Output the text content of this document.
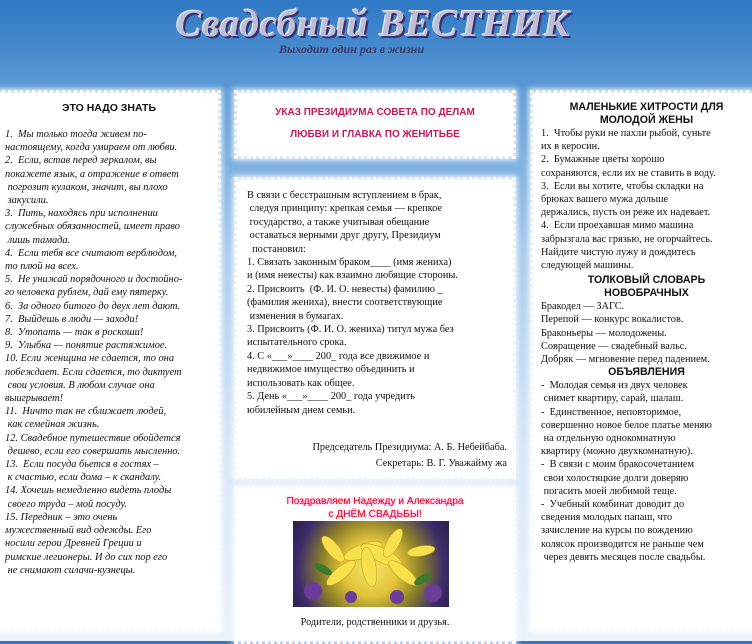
Свадсбный ВЕСТНИК
Выходит один раз в жизни
ЭТО НАДО ЗНАТЬ
1.  Мы только тогда живем по-
настоящему, когда умираем от любви.
2.  Если, встав перед зеркалом, вы
покажете язык, а отражение в ответ
погрозит кулаком, значит, вы плохо
закусили.
3.  Пить, находясь при исполнении
служебных обязанностей, имеет право
лишь тамада.
4.  Если тебя все считают верблюдом,
то плюй на всех.
5.  Не унижай порядочного и достойно-
го человека рублем, дай ему пятерку.
6.  За одного битого до двух лет дают.
7.  Выйдешь в люди — заходи!
8.  Утопать — так в роскоши!
9.  Улыбка — понятие растяжимое.
10. Если женщина не сдается, то она
побеждает. Если сдается, то диктует
свои условия. В любом случае она
выигрывает!
11.  Ничто так не сближает людей,
как семейная жизнь.
12. Свадебное путешествие обойдется
дешево, если его совершать мысленно.
13.  Если посуда бьется в гостях –
к счастью, если дома – к скандалу.
14. Хочешь немедленно видеть плоды
своего труда – мой посуду.
15. Передник – это очень
мужественный вид одежды. Его
носили герои Древней Греции и
римские легионеры. И до сих пор его
не снимают силачи-кузнецы.
УКАЗ ПРЕЗИДИУМА СОВЕТА ПО ДЕЛАМ
ЛЮБВИ И ГЛАВКА ПО ЖЕНИТЬБЕ

В связи с бесстрашным вступлением в брак,

следуя принципу: крепкая семья — крепкое

государство, а также учитывая обещание

оставаться верными друг другу, Президиум

постановил:

1. Связать законным браком____ (имя жениха)

и (имя невесты) как взаимно любящие стороны.

2. Присвоить  (Ф. И. О. невесты) фамилию _

(фамилия жениха), внести соответствующие

изменения в бумагах.

3. Присвоить (Ф. И. О. жениха) титул мужа без

испытательного срока.

4. С «___»____ 200_ года все движимое и

недвижимое имущество объединить и

использовать как общее.

5. День «___»____ 200_ года учредить

юбилейным днем семьи.

Председатель Президиума: А. Б. Небейбаба.
Секретарь: В. Г. Уважайму жа
Поздравляем Надежду и Александра
с ДНЁМ СВАДЬБЫ!
Родители, родственники и друзья.
МАЛЕНЬКИЕ ХИТРОСТИ ДЛЯ
МОЛОДОЙ ЖЕНЫ

1.  Чтобы руки не пахли рыбой, суньте

их в керосин.

2.  Бумажные цветы хорошо

сохраняются, если их не ставить в воду.

3.  Если вы хотите, чтобы складки на

брюках вашего мужа дольше

держались, пусть он реже их надевает.

4.  Если проехавшая мимо машина

забрызгала вас грязью, не огорчайтесь.

Найдите чистую лужу и дождитесь

следующей машины.

ТОЛКОВЫЙ СЛОВАРЬ
НОВОБРАЧНЫХ

Бракодел — ЗАГС.

Перепой — конкурс вокалистов.

Браконьеры — молодожены.

Совращение — свадебный вальс.

Добряк — мгновение перед падением.

ОБЪЯВЛЕНИЯ

-  Молодая семья из двух человек

снимет квартиру, сарай, шалаш.

-  Единственное, неповторимое,

совершенно новое белое платье меняю

на отдельную однокомнатную

квартиру (можно двухкомнатную).

-  В связи с моим бракосочетанием

свои холостяцкие долги доверяю

погасить моей любимой теще.

-  Учебный комбинат доводит до

сведения молодых папаш, что

зачисление на курсы по вождению

колясок производится не раньше чем

через девять месяцев после свадьбы.
